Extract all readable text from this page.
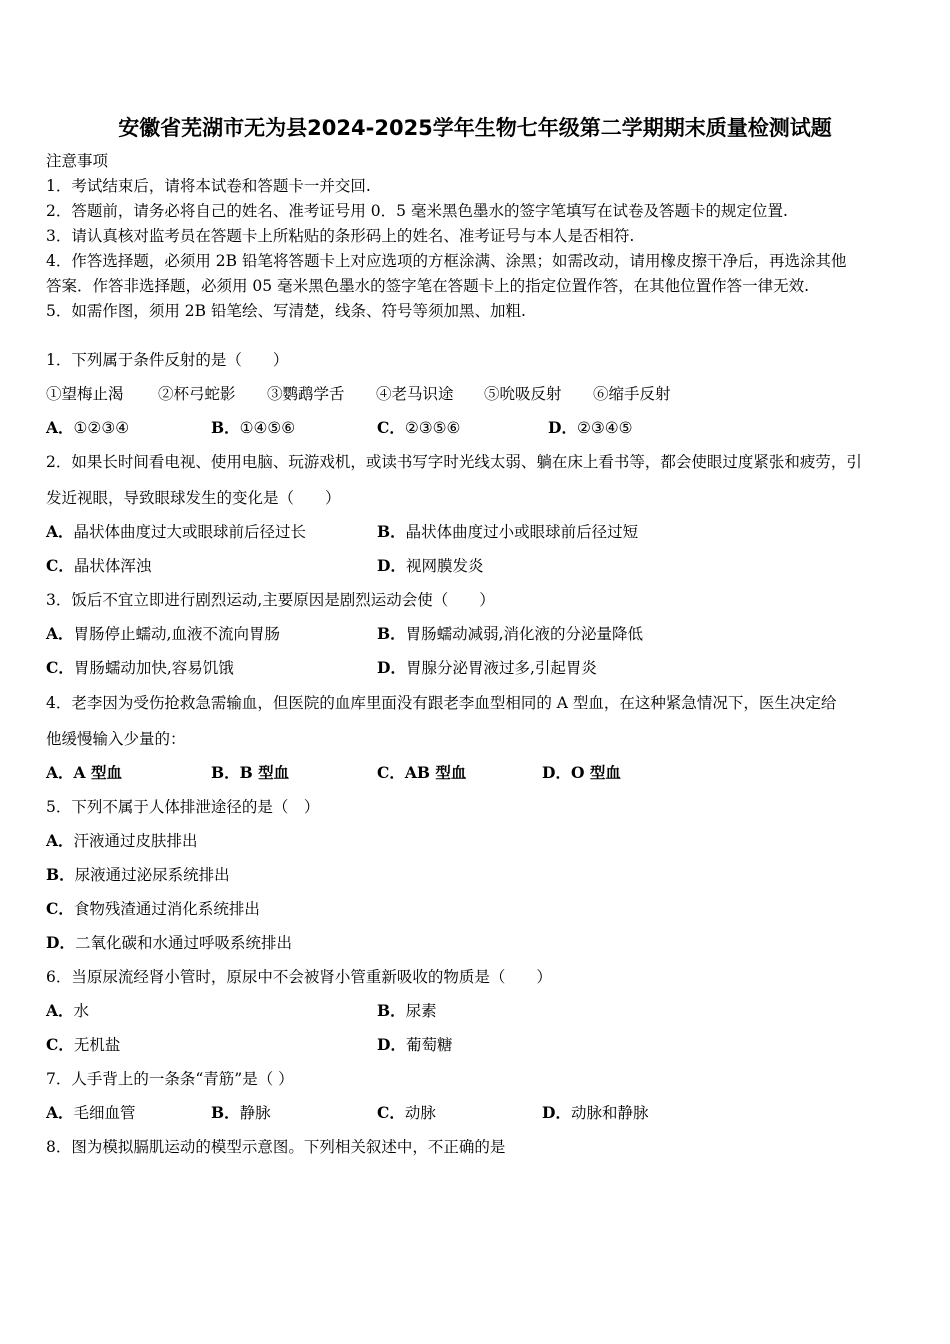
安徽省芜湖市无为县2024-2025学年生物七年级第二学期期末质量检测试题
注意事项
1．考试结束后，请将本试卷和答题卡一并交回.
2．答题前，请务必将自己的姓名、准考证号用 0．5 毫米黑色墨水的签字笔填写在试卷及答题卡的规定位置.
3．请认真核对监考员在答题卡上所粘贴的条形码上的姓名、准考证号与本人是否相符.
4．作答选择题，必须用 2B 铅笔将答题卡上对应选项的方框涂满、涂黑；如需改动，请用橡皮擦干净后，再选涂其他
答案．作答非选择题，必须用 05 毫米黑色墨水的签字笔在答题卡上的指定位置作答，在其他位置作答一律无效.
5．如需作图，须用 2B 铅笔绘、写清楚，线条、符号等须加黑、加粗.
1．下列属于条件反射的是（　　）
①望梅止渴 ②杯弓蛇影 ③鹦鹉学舌 ④老马识途 ⑤吮吸反射 ⑥缩手反射
A．①②③④	B．①④⑤⑥	C．②③⑤⑥	D．②③④⑤
2．如果长时间看电视、使用电脑、玩游戏机，或读书写字时光线太弱、躺在床上看书等，都会使眼过度紧张和疲劳，引
发近视眼，导致眼球发生的变化是（　　）
A．晶状体曲度过大或眼球前后径过长	B．晶状体曲度过小或眼球前后径过短
C．晶状体浑浊	D．视网膜发炎
3．饭后不宜立即进行剧烈运动,主要原因是剧烈运动会使（　　）
A．胃肠停止蠕动,血液不流向胃肠	B．胃肠蠕动减弱,消化液的分泌量降低
C．胃肠蠕动加快,容易饥饿	D．胃腺分泌胃液过多,引起胃炎
4．老李因为受伤抢救急需输血，但医院的血库里面没有跟老李血型相同的 A 型血，在这种紧急情况下，医生决定给
他缓慢输入少量的：
A．A 型血	B．B 型血	C．AB 型血	D．O 型血
5．下列不属于人体排泄途径的是（　）
A．汗液通过皮肤排出
B．尿液通过泌尿系统排出
C．食物残渣通过消化系统排出
D．二氧化碳和水通过呼吸系统排出
6．当原尿流经肾小管时，原尿中不会被肾小管重新吸收的物质是（　　）
A．水	B．尿素
C．无机盐	D．葡萄糖
7．人手背上的一条条“青筋”是（ ）
A．毛细血管	B．静脉	C．动脉	D．动脉和静脉
8．图为模拟膈肌运动的模型示意图。下列相关叙述中，不正确的是
